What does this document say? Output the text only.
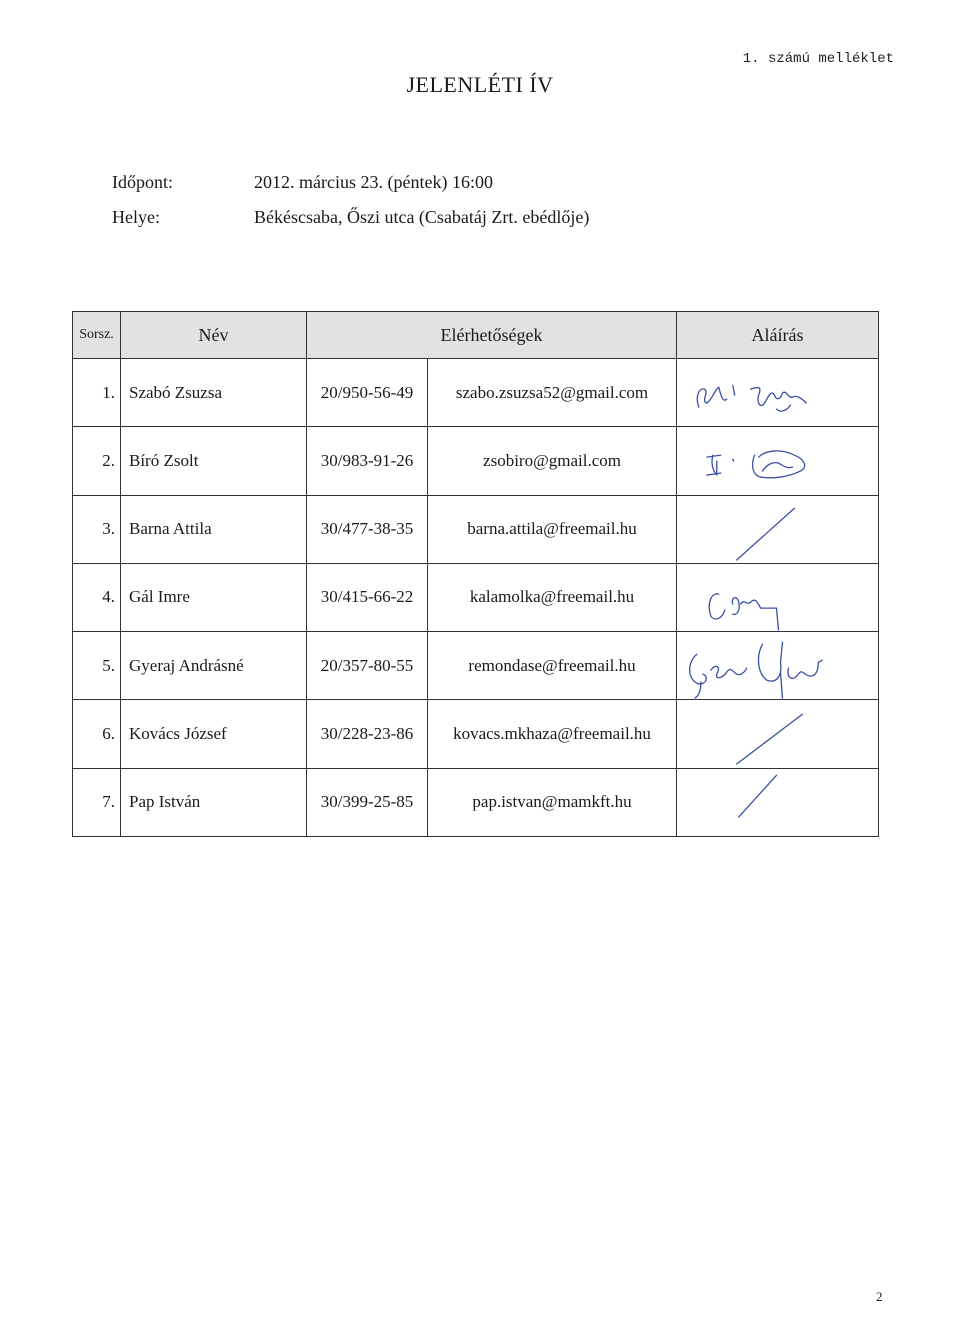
1. számú melléklet
JELENLÉTI ÍV
Időpont:	2012. március 23. (péntek) 16:00
Helye:	Békéscsaba, Őszi utca (Csabatáj Zrt. ebédlője)
Sorsz.	Név	Elérhetőségek		Aláírás
1.	Szabó Zsuzsa	20/950-56-49	szabo.zsuzsa52@gmail.com	

2.	Bíró Zsolt	30/983-91-26	zsobiro@gmail.com	

3.	Barna Attila	30/477-38-35	barna.attila@freemail.hu	

4.	Gál Imre	30/415-66-22	kalamolka@freemail.hu	

5.	Gyeraj Andrásné	20/357-80-55	remondase@freemail.hu	

6.	Kovács József	30/228-23-86	kovacs.mkhaza@freemail.hu	

7.	Pap István	30/399-25-85	pap.istvan@mamkft.hu	
2
